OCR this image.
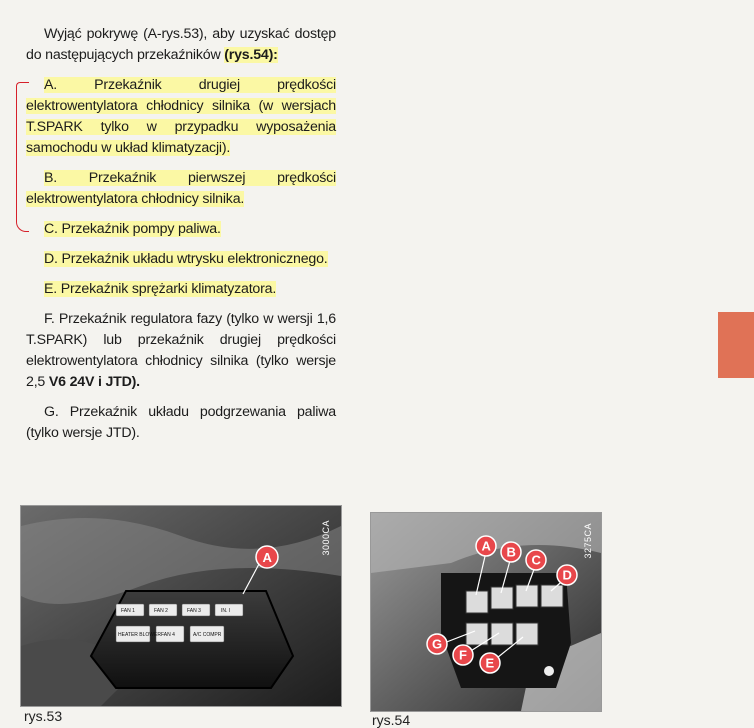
Wyjąć pokrywę (A-rys.53), aby uzyskać dostęp do następujących przekaźników (rys.54):

A. Przekaźnik drugiej prędkości elektrowentylatora chłodnicy silnika (w wersjach T.SPARK tylko w przypadku wyposażenia samochodu w układ klimatyzacji).

B. Przekaźnik pierwszej prędkości elektrowentylatora chłodnicy silnika.

C. Przekaźnik pompy paliwa.

D. Przekaźnik układu wtrysku elektronicznego.

E. Przekaźnik sprężarki klimatyzatora.

F. Przekaźnik regulatora fazy (tylko w wersji 1,6 T.SPARK) lub przekaźnik drugiej prędkości elektrowentylatora chłodnicy silnika (tylko wersje 2,5 V6 24V i JTD).

G. Przekaźnik układu podgrzewania paliwa (tylko wersje JTD).

FAN 1	FAN 2	FAN 3	IN. I
HEATER BLOWER FAN 4	A/C COMPR
A
3000CA
rys.53
A B
C
D
G
F
E
3275CA
rys.54
